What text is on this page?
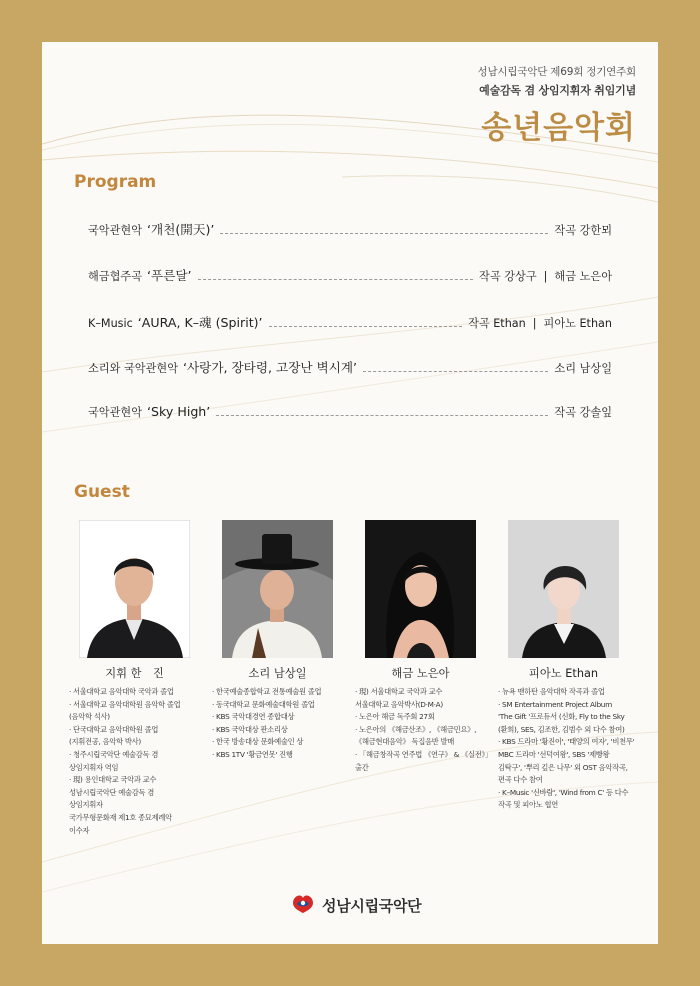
성남시립국악단 제69회 정기연주회
예술감독 겸 상임지휘자 취임기념
송년음악회
Program
국악관현악 ‘개천(開天)’	작곡 강한뫼
해금협주곡 ‘푸른달’	작곡 강상구 | 해금 노은아
K–Music ‘AURA, K–魂 (Spirit)’	작곡 Ethan | 피아노 Ethan
소리와 국악관현악 ‘사랑가, 장타령, 고장난 벽시계’	소리 남상일
국악관현악 ‘Sky High’	작곡 강솔잎
Guest
지휘 한　진
· 서울대학교 음악대학 국악과 졸업
· 서울대학교 음악대학원 음악학 졸업
(음악학 석사)
· 단국대학교 음악대학원 졸업
(지휘전공, 음악학 박사)
· 청주시립국악단 예술감독 겸
상임지휘자 역임
· 現) 용인대학교 국악과 교수
성남시립국악단 예술감독 겸
상임지휘자
국가무형문화재 제1호 종묘제례악
이수자
소리 남상일
· 한국예술종합학교 전통예술원 졸업
· 동국대학교 문화예술대학원 졸업
· KBS 국악대경연 종합대상
· KBS 국악대상 판소리상
· 한국 방송대상 문화예술인 상
· KBS 1TV '황금연못' 진행
해금 노은아
· 現) 서울대학교 국악과 교수
서울대학교 음악박사(D·M·A)
· 노은아 해금 독주회 27회
· 노은아의 《해금산조》, 《해금민요》,
《해금현대음악》 독집음반 발매
· 「해금창작곡 연주법 《연구》 & 《실전》」
출간
피아노 Ethan
· 뉴욕 맨하탄 음악대학 작곡과 졸업
· SM Entertainment Project Album
'The Gift '프로듀서 (신화, Fly to the Sky
(환희), SES, 김조한, 김범수 외 다수 참여)
· KBS 드라마 '황진이', '태양의 여자', '비천무'
MBC 드라마 '선덕여왕', SBS '제빵왕
김탁구', '뿌리 깊은 나무' 외 OST 음악작곡,
편곡 다수 참여
· K–Music '신바람', 'Wind from C' 등 다수
작곡 및 피아노 협연
성남시립국악단
